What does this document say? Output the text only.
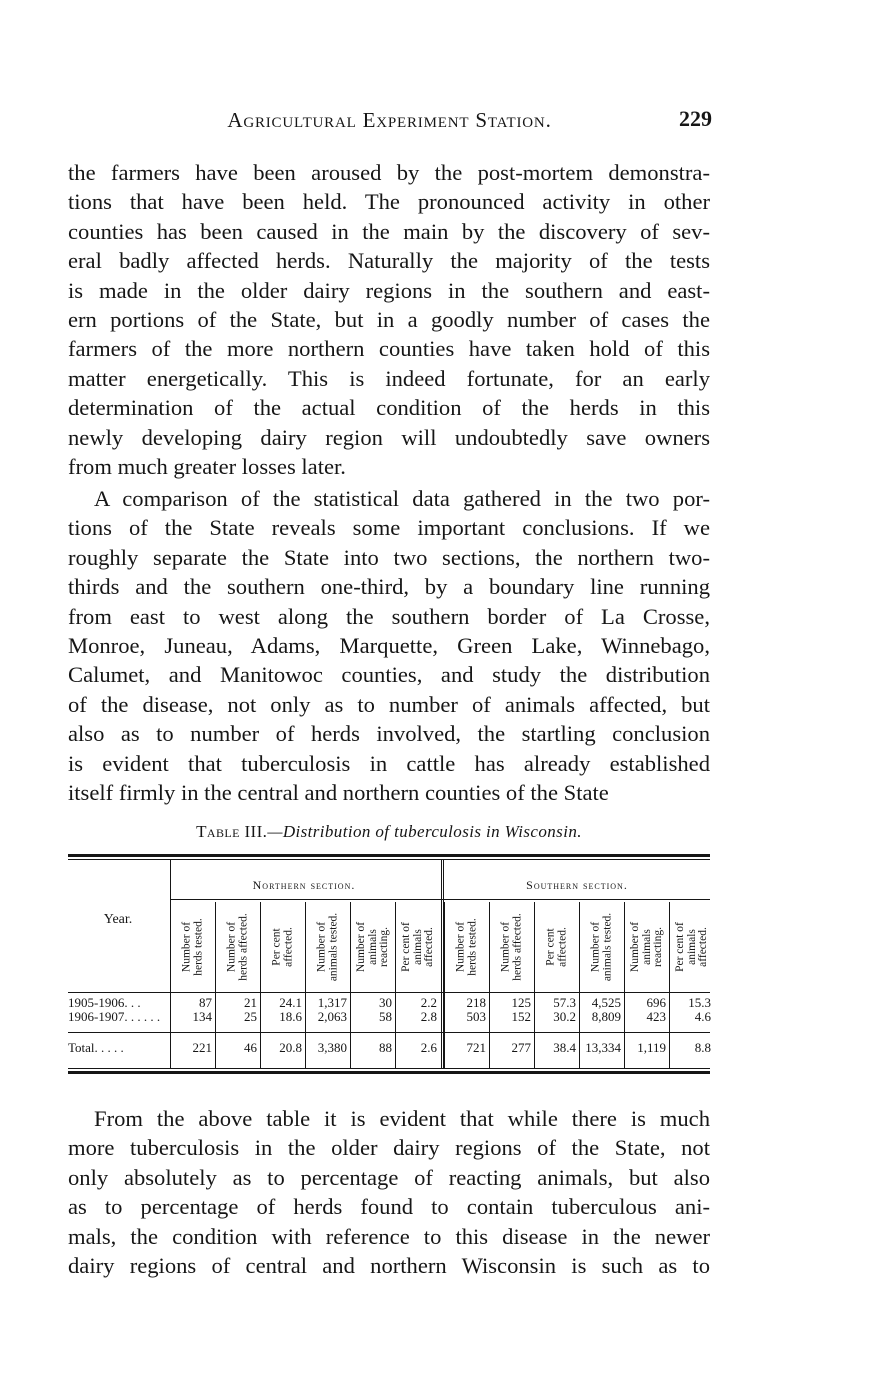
Agricultural Experiment Station.	229

the farmers have been aroused by the post-mortem demonstra-
tions that have been held. The pronounced activity in other
counties has been caused in the main by the discovery of sev-
eral badly affected herds. Naturally the majority of the tests
is made in the older dairy regions in the southern and east-
ern portions of the State, but in a goodly number of cases the
farmers of the more northern counties have taken hold of this
matter energetically. This is indeed fortunate, for an early
determination of the actual condition of the herds in this
newly developing dairy region will undoubtedly save owners
from much greater losses later.

A comparison of the statistical data gathered in the two por-
tions of the State reveals some important conclusions. If we
roughly separate the State into two sections, the northern two-
thirds and the southern one-third, by a boundary line running
from east to west along the southern border of La Crosse,
Monroe, Juneau, Adams, Marquette, Green Lake, Winnebago,
Calumet, and Manitowoc counties, and study the distribution
of the disease, not only as to number of animals affected, but
also as to number of herds involved, the startling conclusion
is evident that tuberculosis in cattle has already established
itself firmly in the central and northern counties of the State

Table III.—Distribution of tuberculosis in Wisconsin.
Year.
Northern section.	Southern section.
Number of herds tested. Number of herds affected. Per cent affected. Number of animals tested. Number of animals reacting. Per cent of animals affected. Number of herds tested. Number of herds affected. Per cent affected. Number of animals tested. Number of animals reacting. Per cent of animals affected.
1905-1906. . .	87	21	24.1	1,317	30	2.2	218	125	57.3	4,525	696	15.3
1906-1907. . . . . .	134	25	18.6	2,063	58	2.8	503	152	30.2	8,809	423	4.6
Total. . . . .	221	46	20.8	3,380	88	2.6	721	277	38.4 13,334	1,119	8.8

From the above table it is evident that while there is much
more tuberculosis in the older dairy regions of the State, not
only absolutely as to percentage of reacting animals, but also
as to percentage of herds found to contain tuberculous ani-
mals, the condition with reference to this disease in the newer
dairy regions of central and northern Wisconsin is such as to
